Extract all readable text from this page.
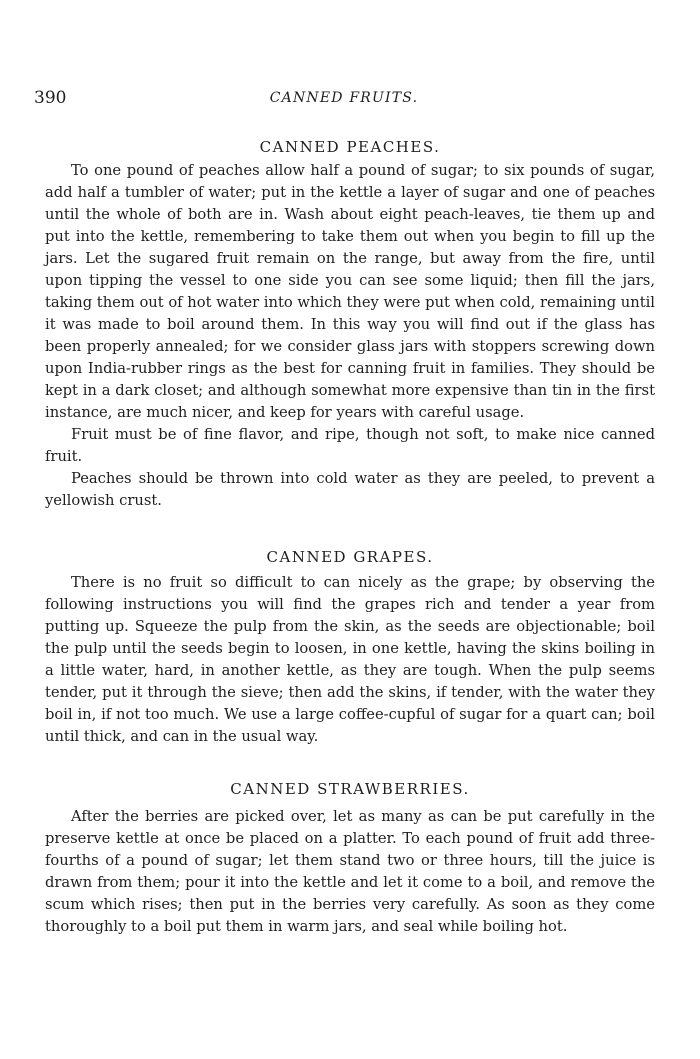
390	CANNED FRUITS.
CANNED PEACHES.

To one pound of peaches allow half a pound of sugar; to six pounds of sugar, add half a tumbler of water; put in the kettle a layer of sugar and one of peaches until the whole of both are in. Wash about eight peach-leaves, tie them up and put into the kettle, remembering to take them out when you begin to fill up the jars. Let the sugared fruit remain on the range, but away from the fire, until upon tipping the vessel to one side you can see some liquid; then fill the jars, taking them out of hot water into which they were put when cold, remaining until it was made to boil around them. In this way you will find out if the glass has been properly annealed; for we consider glass jars with stoppers screwing down upon India-rubber rings as the best for canning fruit in families. They should be kept in a dark closet; and although somewhat more expensive than tin in the first instance, are much nicer, and keep for years with careful usage.

Fruit must be of fine flavor, and ripe, though not soft, to make nice canned fruit.

Peaches should be thrown into cold water as they are peeled, to prevent a yellowish crust.

CANNED GRAPES.

There is no fruit so difficult to can nicely as the grape; by observing the following instructions you will find the grapes rich and tender a year from putting up. Squeeze the pulp from the skin, as the seeds are objectionable; boil the pulp until the seeds begin to loosen, in one kettle, having the skins boiling in a little water, hard, in another kettle, as they are tough. When the pulp seems tender, put it through the sieve; then add the skins, if tender, with the water they boil in, if not too much. We use a large coffee-cupful of sugar for a quart can; boil until thick, and can in the usual way.

CANNED STRAWBERRIES.

After the berries are picked over, let as many as can be put carefully in the preserve kettle at once be placed on a platter. To each pound of fruit add three-fourths of a pound of sugar; let them stand two or three hours, till the juice is drawn from them; pour it into the kettle and let it come to a boil, and remove the scum which rises; then put in the berries very carefully. As soon as they come thoroughly to a boil put them in warm jars, and seal while boiling hot.
